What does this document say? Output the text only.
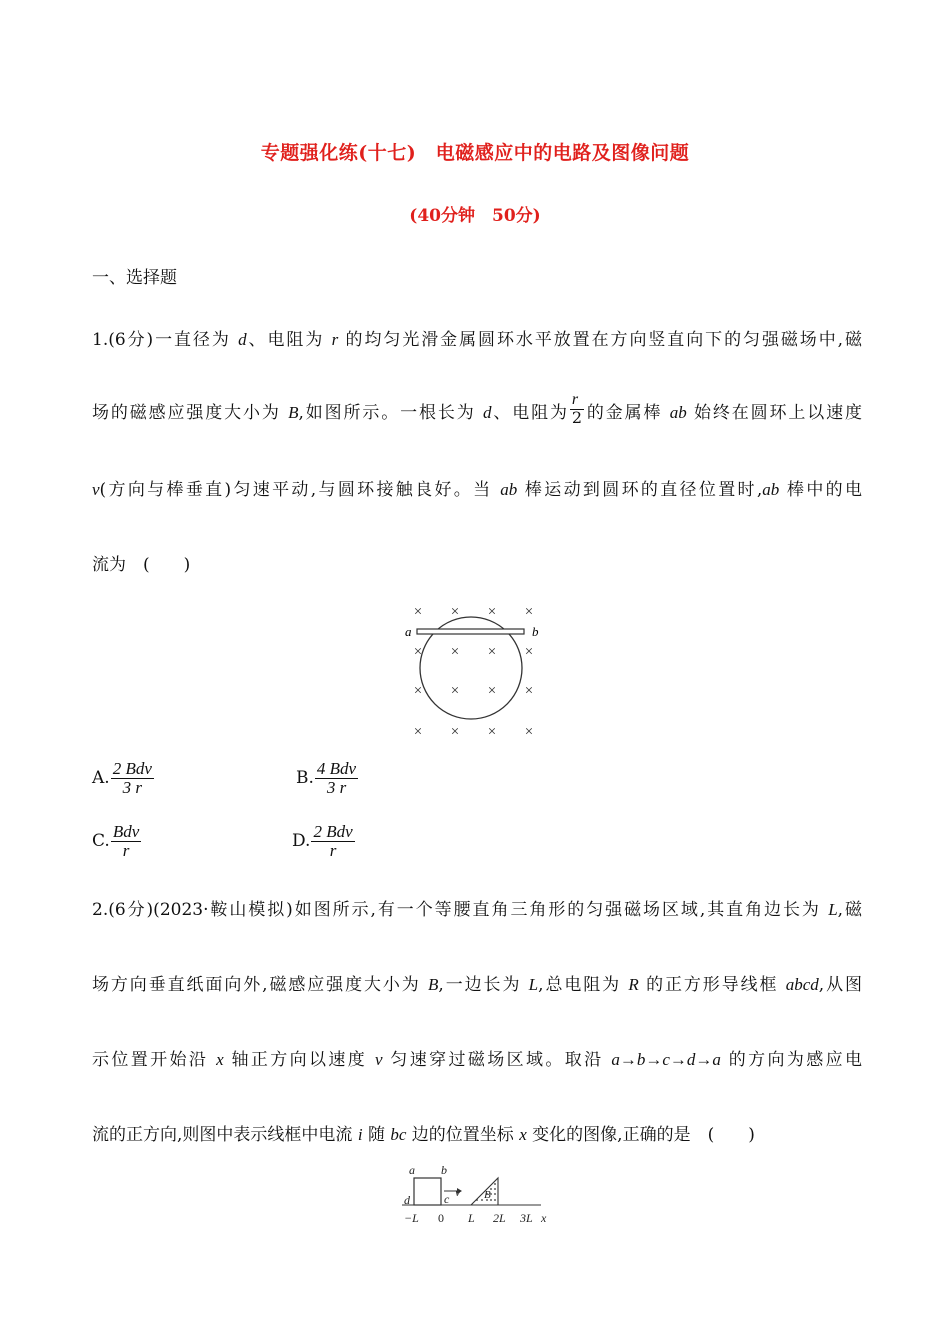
专题强化练(十七)　电磁感应中的电路及图像问题
(40分钟　50分)
一、选择题
1.(6分)一直径为 d、电阻为 r 的均匀光滑金属圆环水平放置在方向竖直向下的匀强磁场中,磁
场的磁感应强度大小为 B,如图所示。一根长为 d、电阻为 $\frac{r}{2}$ 的金属棒 ab 始终在圆环上以速度
v(方向与棒垂直)匀速平动,与圆环接触良好。当 ab 棒运动到圆环的直径位置时,ab 棒中的电
流为　(　　)
× × × ×
× × × ×
× × × ×
× × × ×
a	b
A. $\frac{\text{2 Bdv}}{3 r}$	B. $\frac{\text{4 Bdv}}{3 r}$
C. $\frac{\text{Bdv}}{r}$	D. $\frac{\text{2 Bdv}}{r}$
2.(6分)(2023·鞍山模拟)如图所示,有一个等腰直角三角形的匀强磁场区域,其直角边长为 L,磁
场方向垂直纸面向外,磁感应强度大小为 B,一边长为 L,总电阻为 R 的正方形导线框 abcd,从图
示位置开始沿 x 轴正方向以速度 v 匀速穿过磁场区域。取沿 a→b→c→d→a 的方向为感应电
流的正方向,则图中表示线框中电流 i 随 bc 边的位置坐标 x 变化的图像,正确的是　(　　)
a b
c
d
v B
−L 0 L 2L 3L x
